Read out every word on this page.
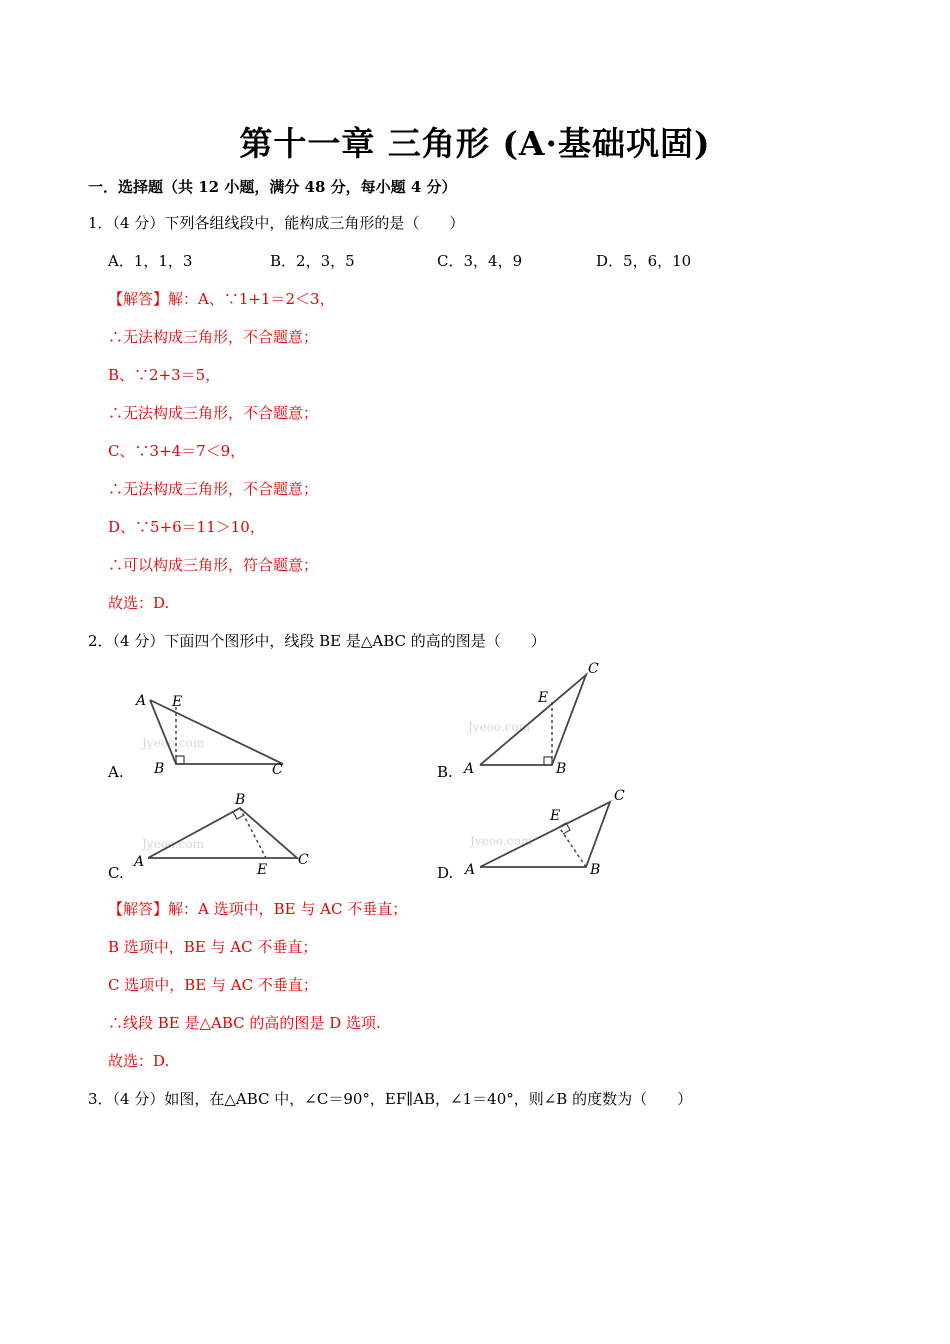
第十一章 三角形 (A·基础巩固)
一．选择题（共 12 小题，满分 48 分，每小题 4 分）
1．（4 分）下列各组线段中，能构成三角形的是（　　）
A．1，1，3	B．2，3，5	C．3，4，9	D．5，6，10
【解答】解：A、∵1+1＝2＜3，
∴无法构成三角形，不合题意；
B、∵2+3＝5，
∴无法构成三角形，不合题意；
C、∵3+4＝7＜9，
∴无法构成三角形，不合题意；
D、∵5+6＝11＞10，
∴可以构成三角形，符合题意；
故选：D.
2．（4 分）下面四个图形中，线段 BE 是△ABC 的高的图是（　　）
A.
Jyeoo.com
A E
B	C	B.
Jyeoo.com
A	B
C
E
C.
Jyeoo.com
A
B
C
E	D.
Jyeoo.com
A	B
C
E
【解答】解：A 选项中，BE 与 AC 不垂直；
B 选项中，BE 与 AC 不垂直；
C 选项中，BE 与 AC 不垂直；
∴线段 BE 是△ABC 的高的图是 D 选项.
故选：D.
3．（4 分）如图，在△ABC 中，∠C＝90°，EF∥AB，∠1＝40°，则∠B 的度数为（　　）
